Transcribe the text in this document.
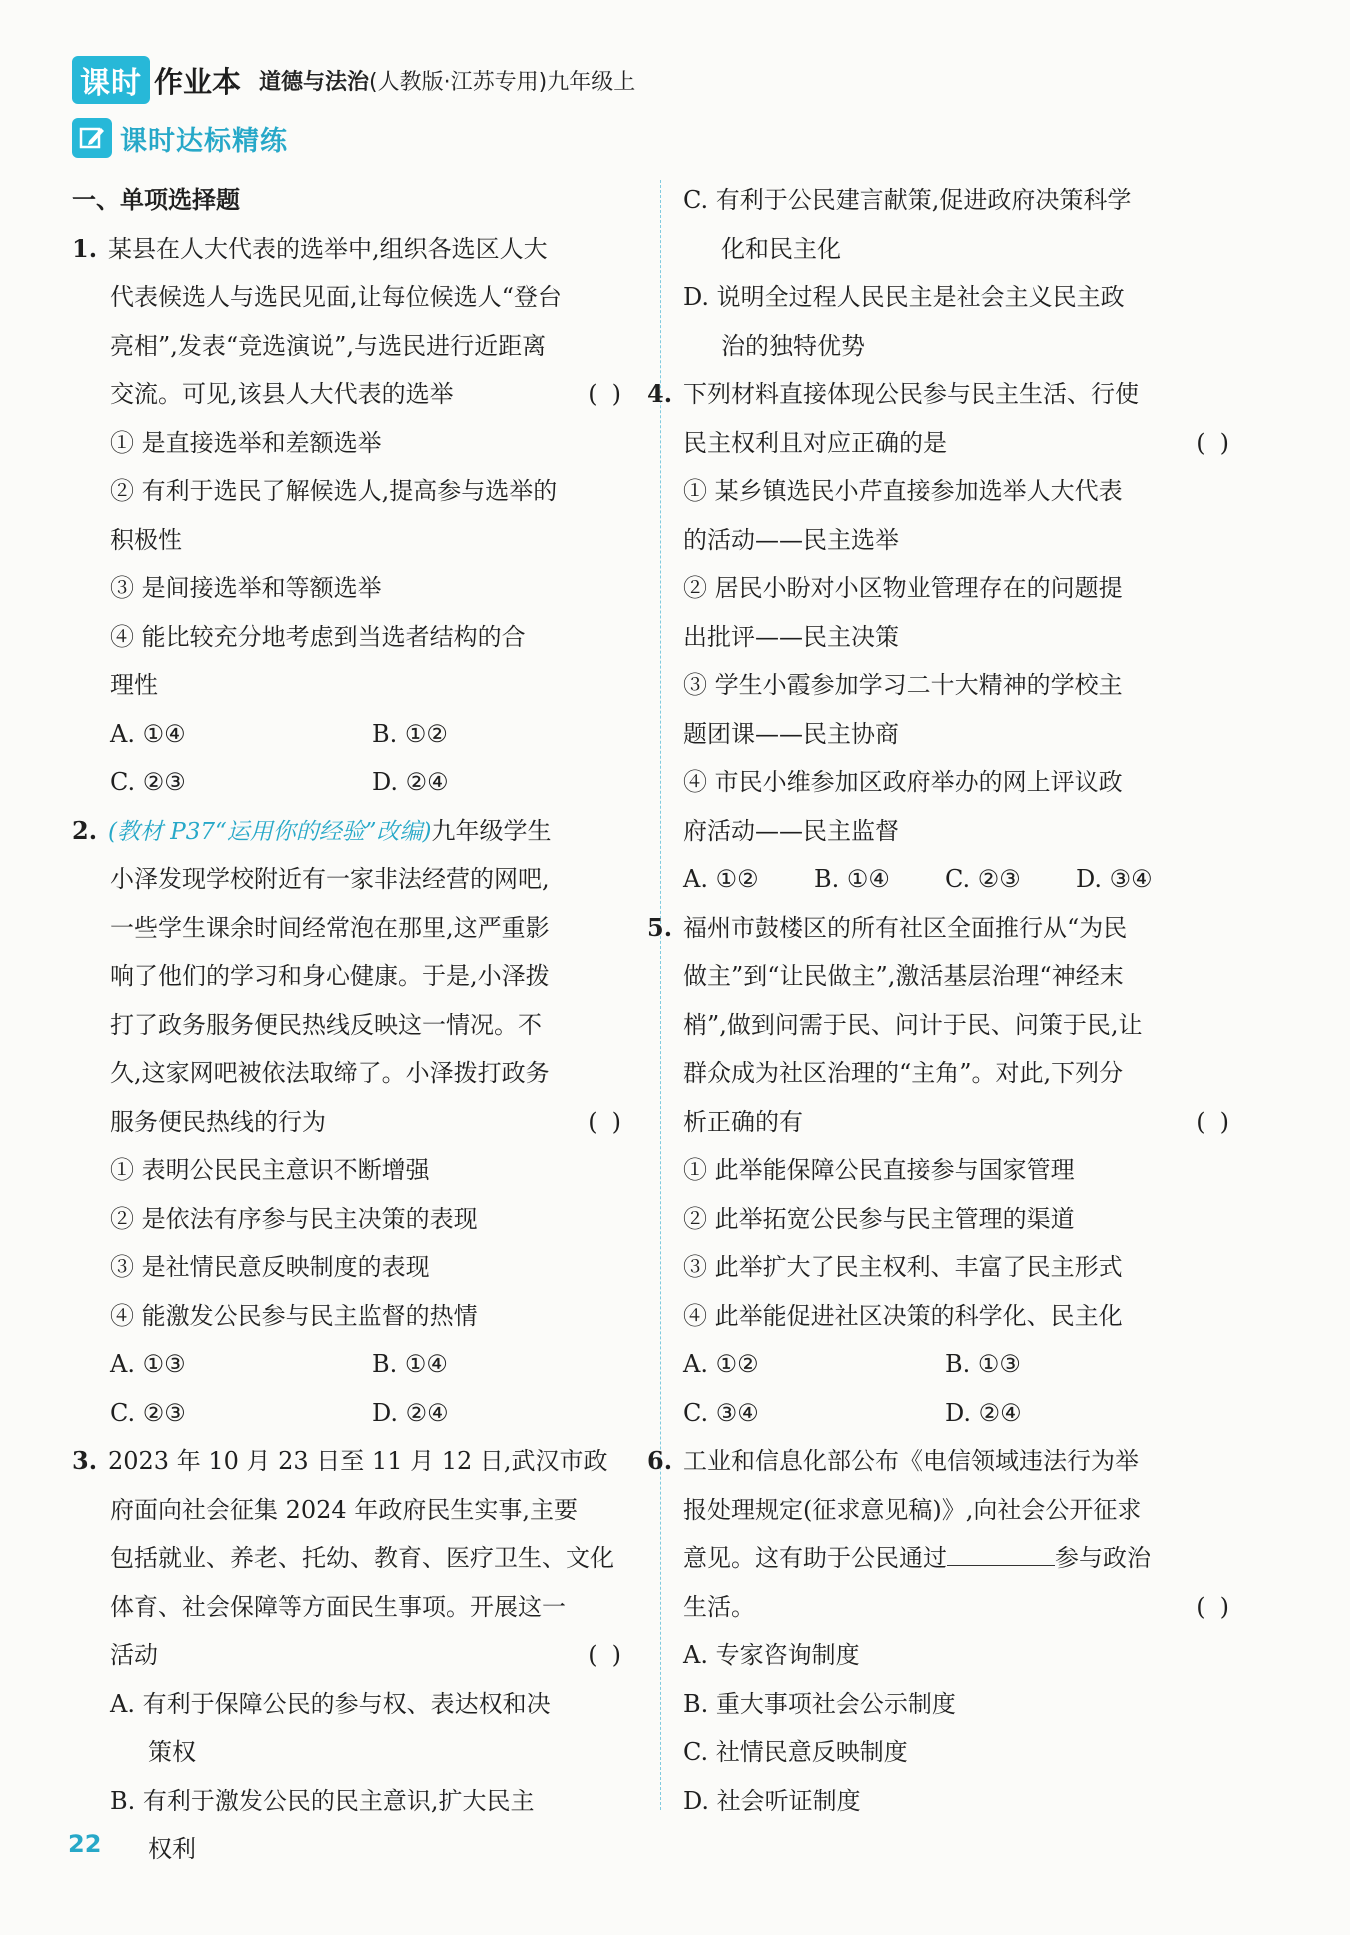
课时 作业本 道德与法治 (人教版·江苏专用)九年级上
课时达标精练
一、单项选择题
1. 某县在人大代表的选举中,组织各选区人大
代表候选人与选民见面,让每位候选人“登台
亮相”,发表“竞选演说”,与选民进行近距离
交流。可见,该县人大代表的选举	()
① 是直接选举和差额选举
② 有利于选民了解候选人,提高参与选举的
积极性
③ 是间接选举和等额选举
④ 能比较充分地考虑到当选者结构的合
理性
A. ①④	B. ①②
C. ②③	D. ②④
2. (教材 P37“运用你的经验”改编)九年级学生
小泽发现学校附近有一家非法经营的网吧,
一些学生课余时间经常泡在那里,这严重影
响了他们的学习和身心健康。于是,小泽拨
打了政务服务便民热线反映这一情况。不
久,这家网吧被依法取缔了。小泽拨打政务
服务便民热线的行为	()
① 表明公民民主意识不断增强
② 是依法有序参与民主决策的表现
③ 是社情民意反映制度的表现
④ 能激发公民参与民主监督的热情
A. ①③	B. ①④
C. ②③	D. ②④
3. 2023 年 10 月 23 日至 11 月 12 日,武汉市政
府面向社会征集 2024 年政府民生实事,主要
包括就业、养老、托幼、教育、医疗卫生、文化
体育、社会保障等方面民生事项。开展这一
活动	()
A. 有利于保障公民的参与权、表达权和决
策权
B. 有利于激发公民的民主意识,扩大民主
权利
C. 有利于公民建言献策,促进政府决策科学
化和民主化
D. 说明全过程人民民主是社会主义民主政
治的独特优势
4. 下列材料直接体现公民参与民主生活、行使
民主权利且对应正确的是	()
① 某乡镇选民小芹直接参加选举人大代表
的活动——民主选举
② 居民小盼对小区物业管理存在的问题提
出批评——民主决策
③ 学生小霞参加学习二十大精神的学校主
题团课——民主协商
④ 市民小维参加区政府举办的网上评议政
府活动——民主监督
A. ①② B. ①④ C. ②③ D. ③④
5. 福州市鼓楼区的所有社区全面推行从“为民
做主”到“让民做主”,激活基层治理“神经末
梢”,做到问需于民、问计于民、问策于民,让
群众成为社区治理的“主角”。对此,下列分
析正确的有	()
① 此举能保障公民直接参与国家管理
② 此举拓宽公民参与民主管理的渠道
③ 此举扩大了民主权利、丰富了民主形式
④ 此举能促进社区决策的科学化、民主化
A. ①②	B. ①③
C. ③④	D. ②④
6. 工业和信息化部公布《电信领域违法行为举
报处理规定(征求意见稿)》,向社会公开征求
意见。这有助于公民通过	参与政治
生活。	()
A. 专家咨询制度
B. 重大事项社会公示制度
C. 社情民意反映制度
D. 社会听证制度
22
